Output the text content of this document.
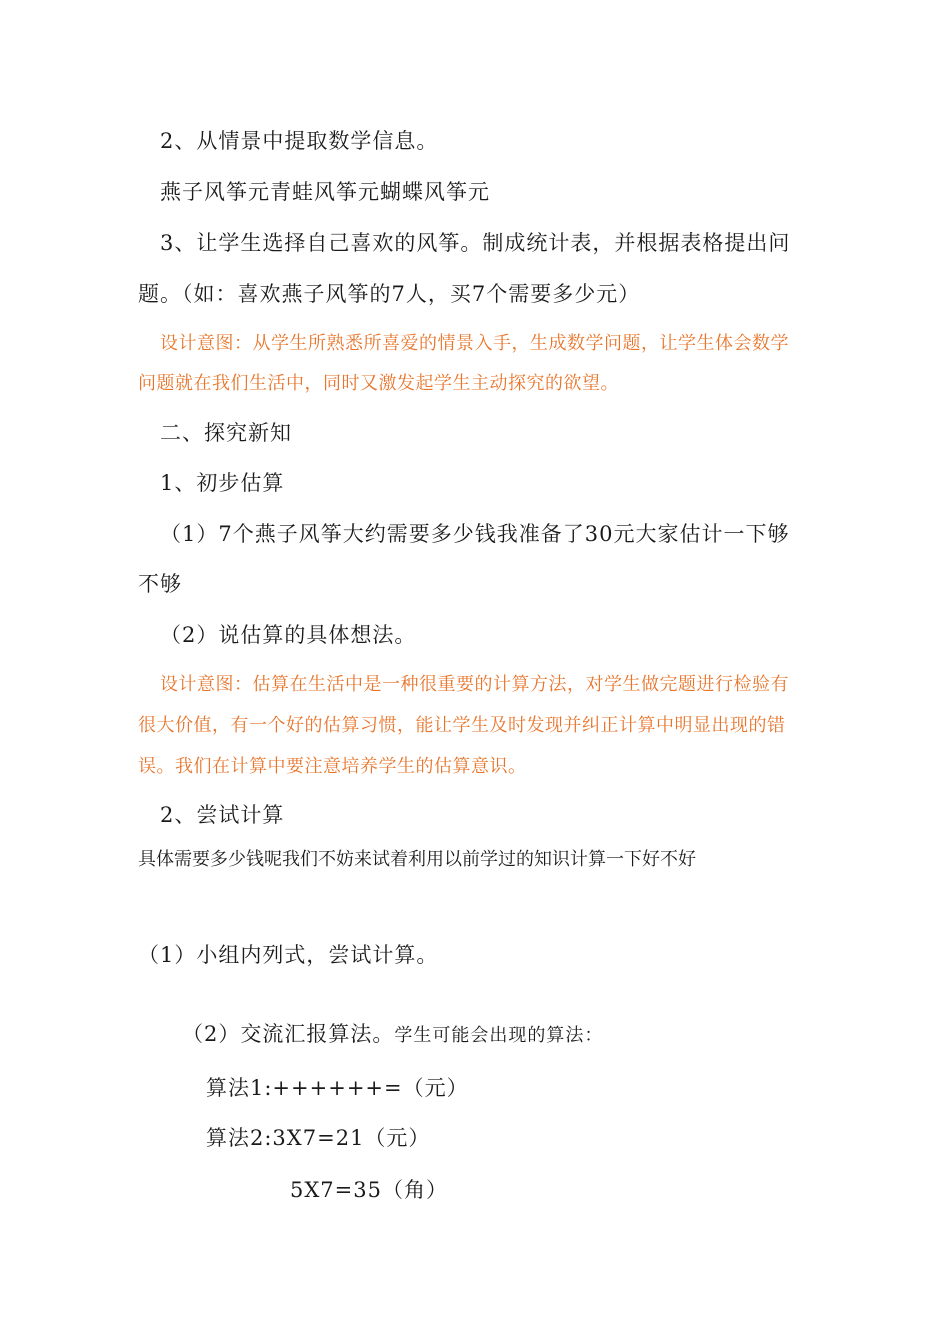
2、从情景中提取数学信息。
燕子风筝元青蛙风筝元蝴蝶风筝元
3、让学生选择自己喜欢的风筝。制成统计表，并根据表格提出问
题。（如：喜欢燕子风筝的7人，买7个需要多少元）
设计意图：从学生所熟悉所喜爱的情景入手，生成数学问题，让学生体会数学
问题就在我们生活中，同时又激发起学生主动探究的欲望。
二、探究新知
1、初步估算
（1）7个燕子风筝大约需要多少钱我准备了30元大家估计一下够
不够
（2）说估算的具体想法。
设计意图：估算在生活中是一种很重要的计算方法，对学生做完题进行检验有
很大价值，有一个好的估算习惯，能让学生及时发现并纠正计算中明显出现的错
误。我们在计算中要注意培养学生的估算意识。
2、尝试计算
具体需要多少钱呢我们不妨来试着利用以前学过的知识计算一下好不好
（1）小组内列式，尝试计算。
（2）交流汇报算法。学生可能会出现的算法：
算法1:++++++=（元）
算法2:3X7=21（元）
5X7=35（角）
